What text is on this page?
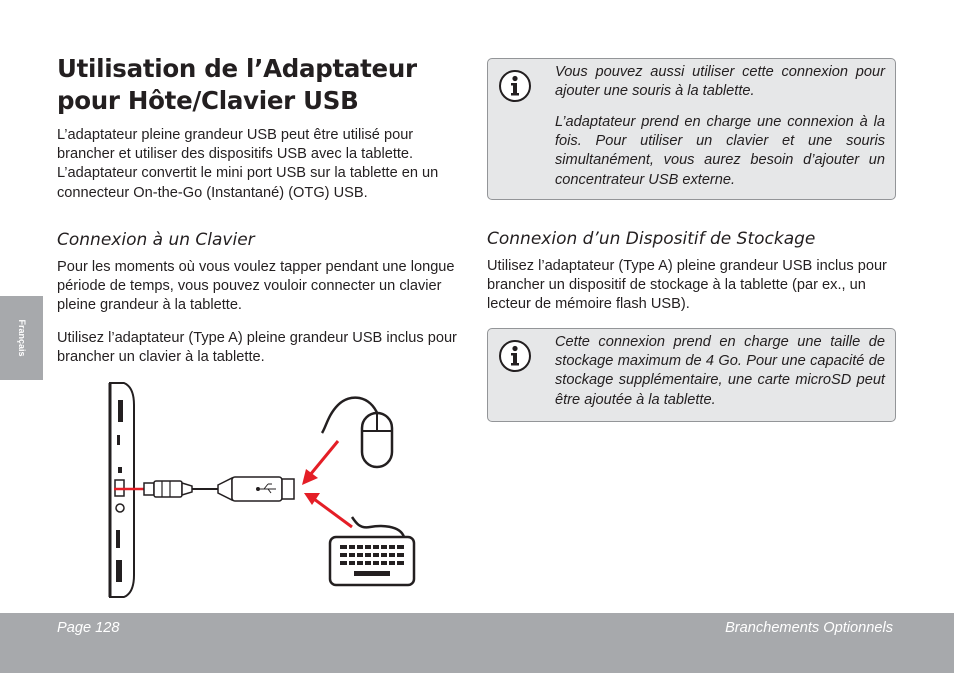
Utilisation de l’Adaptateur pour Hôte/Clavier USB
L’adaptateur pleine grandeur USB peut être utilisé pour brancher et utiliser des dispositifs USB avec la tablette. L’adaptateur convertit le mini port USB sur la tablette en un connecteur On-the-Go (Instantané) (OTG) USB.
Connexion à un Clavier
Pour les moments où vous voulez tapper pendant une longue période de temps, vous pouvez vouloir connecter un clavier pleine grandeur à la tablette.
Utilisez l’adaptateur (Type A) pleine grandeur USB inclus pour brancher un clavier à la tablette.
Vous pouvez aussi utiliser cette connexion pour ajouter une souris à la tablette.
L’adaptateur prend en charge une connexion à la fois. Pour utiliser un clavier et une souris simultanément, vous aurez besoin d’ajouter un concentrateur USB externe.
Connexion d’un Dispositif de Stockage
Utilisez l’adaptateur (Type A) pleine grandeur USB inclus pour brancher un dispositif de stockage à la tablette (par ex., un lecteur de mémoire flash USB).
Cette connexion prend en charge une taille de stockage maximum de 4 Go. Pour une capacité de stockage supplémentaire, une carte microSD peut être ajoutée à la tablette.
Français
Page 128	Branchements Optionnels
